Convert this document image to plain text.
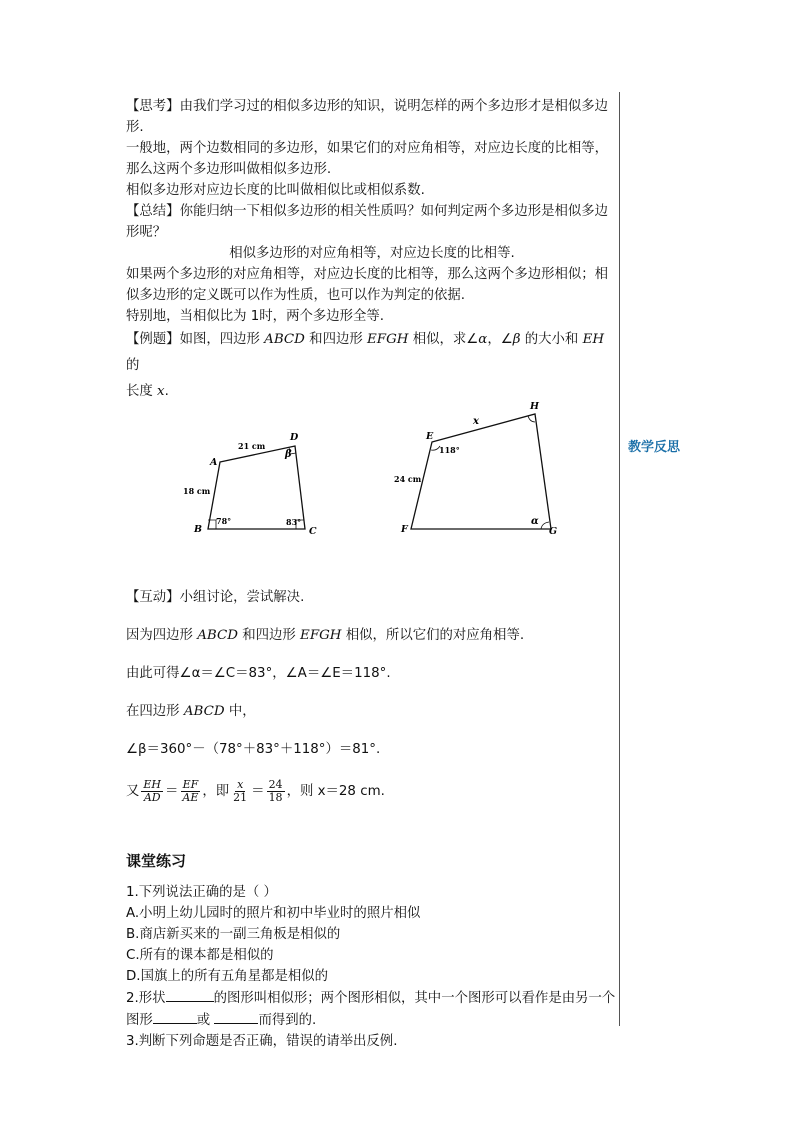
教学反思

【思考】由我们学习过的相似多边形的知识，说明怎样的两个多边形才是相似多边形.

一般地，两个边数相同的多边形，如果它们的对应角相等，对应边长度的比相等，那么这两个多边形叫做相似多边形.

相似多边形对应边长度的比叫做相似比或相似系数.

【总结】你能归纳一下相似多边形的相关性质吗？如何判定两个多边形是相似多边形呢？

相似多边形的对应角相等，对应边长度的比相等.

如果两个多边形的对应角相等，对应边长度的比相等，那么这两个多边形相似；相似多边形的定义既可以作为性质，也可以作为判定的依据.

特别地，当相似比为 1时，两个多边形全等.

【例题】如图，四边形 ABCD 和四边形 EFGH 相似，求∠α，∠β 的大小和 EH 的
长度 x.

【互动】小组讨论，尝试解决.

因为四边形 ABCD 和四边形 EFGH 相似，所以它们的对应角相等.

由此可得∠α＝∠C＝83°，∠A＝∠E＝118°.

在四边形 ABCD 中，

∠β＝360°－（78°＋83°＋118°）＝81°.

又 $\frac{EH}{AD} = \frac{EF}{AE}$ ，即 $\frac{x}{21} = \frac{24}{18}$ ，则 x＝28 cm.

课堂练习

1.下列说法正确的是（ ）

A.小明上幼儿园时的照片和初中毕业时的照片相似

B.商店新买来的一副三角板是相似的

C.所有的课本都是相似的

D.国旗上的所有五角星都是相似的

2.形状	的图形叫相似形；两个图形相似，其中一个图形可以看作是由另一个图形	或	而得到的.

3.判断下列命题是否正确，错误的请举出反例.

A
B	C
D
21 cm
18 cm
78°	83°
β
E
F	G
H
x
24 cm
118°
α
